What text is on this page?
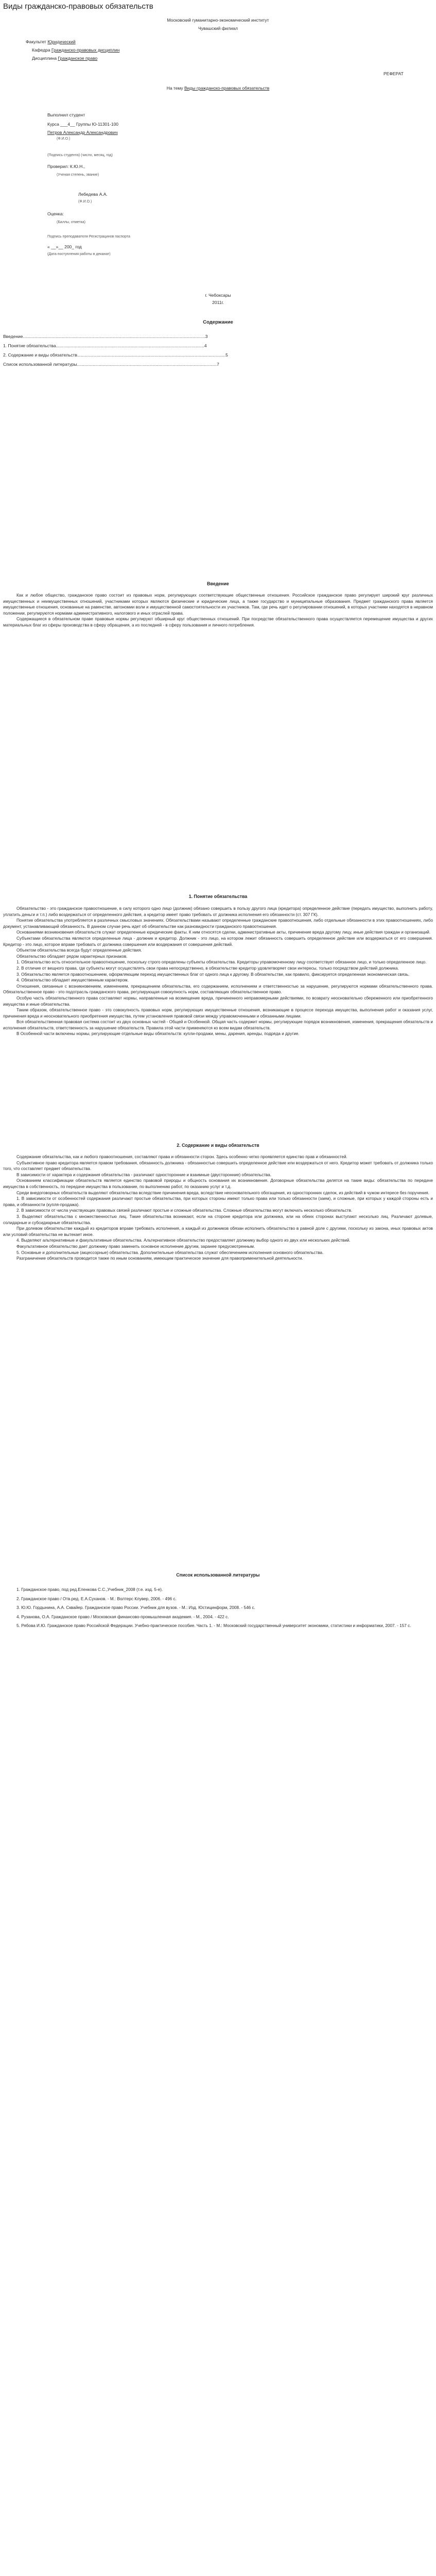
Виды гражданско-правовых обязательств
Московский гуманитарно-экономический институт
Чувашский филиал
Факультет Юридический
Кафедра Гражданско-правовых дисциплин
Дисциплина Гражданское право
РЕФЕРАТ
На тему Виды гражданско-правовых обязательств
Выполнил студент
Курса ___4__ Группы Ю-11301-100
Петров Александр Александрович
(Ф.И.О.)
(Подпись студента) (число, месяц, год)
Проверил: К.Ю.Н.,
(Ученая степень, звание)
Лебедева А.А.
(Ф.И.О.)
Оценка:
(Баллы, отметка)
Подпись преподавателя Регистрацинов паспорта
« __»__ 200_ год
(Дата поступления работы в деканат)
г. Чебоксары
2011г.
Содержание
Введение......................................................................................................................................................3
1. Понятие обязательства..........................................................................................................................4
2. Содержание и виды обязательств..........................................................................................................................5
Список использованной литературы...................................................................................................................7
Введение

Как и любое общество, гражданское право состоит из правовых норм, регулирующих соответствующие общественные отношения. Российское гражданское право регулирует широкий круг различных имущественных и неимущественных отношений, участниками которых являются физические и юридические лица, а также государство и муниципальные образования. Предмет гражданского права является имущественные отношения, основанные на равенстве, автономии воли и имущественной самостоятельности их участников. Там, где речь идет о регулировании отношений, в которых участники находятся в неравном положении, регулируются нормами административного, налогового и иных отраслей права.

Содержащиеся в обязательном праве правовые нормы регулируют обширный круг общественных отношений. При посредстве обязательственного права осуществляется перемещение имущества и других материальных благ из сферы производства в сферу обращения, а из последней - в сферу пользования и личного потребления.

1. Понятие обязательства

Обязательство - это гражданское правоотношение, в силу которого одно лицо (должник) обязано совершить в пользу другого лица (кредитора) определенное действие (передать имущество, выполнить работу, уплатить деньги и т.п.) либо воздержаться от определенного действия, а кредитор имеет право требовать от должника исполнения его обязанности (ст. 307 ГК).

Понятие обязательства употребляется в различных смысловых значениях. Обязательствами называют определенные гражданские правоотношения, либо отдельные обязанности в этих правоотношениях, либо документ, устанавливающий обязанность. В данном случае речь идет об обязательстве как разновидности гражданского правоотношения.

Основаниями возникновения обязательств служат определенные юридические факты. К ним относятся сделки, административные акты, причинение вреда другому лицу, иные действия граждан и организаций.

Субъектами обязательства являются определенные лица - должник и кредитор. Должник - это лицо, на котором лежит обязанность совершить определенное действие или воздержаться от его совершения. Кредитор - это лицо, которое вправе требовать от должника совершения или воздержания от совершения действий.

Объектом обязательства всегда будут определенные действия.

Обязательство обладает рядом характерных признаков.

1. Обязательство есть относительное правоотношение, поскольку строго определены субъекты обязательства. Кредиторы управомоченному лицу соответствует обязанное лицо, и только определенное лицо.

2. В отличие от вещного права, где субъекты могут осуществлять свои права непосредственно, в обязательстве кредитор удовлетворяет свои интересы, только посредством действий должника.

3. Обязательство является правоотношением, оформляющим переход имущественных благ от одного лица к другому. В обязательстве, как правило, фиксируется определенная экономическая связь.

4. Обязательство обладает имущественным характером.

Отношения, связанные с возникновением, изменением, прекращением обязательства, его содержанием, исполнением и ответственностью за нарушение, регулируются нормами обязательственного права. Обязательственное право - это подотрасль гражданского права, регулирующая совокупность норм, составляющих обязательственное право.

Особую часть обязательственного права составляют нормы, направленные на возмещение вреда, причиненного неправомерными действиями, по возврату неосновательно сбереженного или приобретенного имущества и иные обязательства.

Таким образом, обязательственное право - это совокупность правовых норм, регулирующих имущественные отношения, возникающие в процессе перехода имущества, выполнения работ и оказания услуг, причинения вреда и неосновательного приобретения имущества, путем установления правовой связи между управомоченными и обязанными лицами.

Вся обязательственная правовая система состоит из двух основных частей - Общей и Особенной. Общая часть содержит нормы, регулирующие порядок возникновения, изменения, прекращения обязательств и исполнения обязательств, ответственность за нарушение обязательств. Правила этой части применяются ко всем видам обязательств.

В Особенной части включены нормы, регулирующие отдельные виды обязательств: купли-продажи, мены, дарения, аренды, подряда и другие.

2. Содержание и виды обязательств

Содержание обязательства, как и любого правоотношения, составляют права и обязанности сторон. Здесь особенно четко проявляется единство прав и обязанностей.

Субъективное право кредитора является правом требования, обязанность должника - обязанностью совершить определенное действие или воздержаться от него. Кредитор может требовать от должника только того, что составляет предмет обязательства.

В зависимости от характера и содержания обязательства - различают односторонние и взаимные (двусторонние) обязательства.

Основанием классификации обязательств является единство правовой природы и общность основания их возникновения. Договорные обязательства делятся на такие виды: обязательства по передаче имущества в собственность, по передаче имущества в пользование, по выполнению работ, по оказанию услуг и т.д.

Среди внедоговорных обязательств выделяют обязательства вследствие причинения вреда, вследствие неосновательного обогащения, из односторонних сделок, из действий в чужом интересе без поручения.

1. В зависимости от особенностей содержания различают простые обязательства, при которых стороны имеют только права или только обязанности (заем), и сложные, при которых у каждой стороны есть и права, и обязанности (купля-продажа).

2. В зависимости от числа участвующих правовых связей различают простые и сложные обязательства. Сложные обязательства могут включать несколько обязательств.

3. Выделяют обязательства с множественностью лиц. Такие обязательства возникают, если на стороне кредитора или должника, или на обеих сторонах выступают несколько лиц. Различают долевые, солидарные и субсидиарные обязательства.

При долевом обязательстве каждый из кредиторов вправе требовать исполнения, а каждый из должников обязан исполнить обязательство в равной доле с другими, поскольку из закона, иных правовых актов или условий обязательства не вытекает иное.

4. Выделяют альтернативные и факультативные обязательства. Альтернативное обязательство предоставляет должнику выбор одного из двух или нескольких действий.

Факультативное обязательство дает должнику право заменить основное исполнение другим, заранее предусмотренным.

5. Основные и дополнительные (акцессорные) обязательства. Дополнительные обязательства служат обеспечением исполнения основного обязательства.

Разграничение обязательств проводится также по иным основаниям, имеющим практическое значение для правоприменительной деятельности.

Список использованной литературы

1. Гражданское право, под ред.Еленкова С.С.,Учебник_2008 (т.е. изд. 5-е).

2. Гражданское право / Отв.ред. Е.А.Суханов. - М.: Волтерс Клувер, 2006. - 496 с.

3. Ю.Ю. Гордынина, А.А. Сквайер. Гражданское право России. Учебник для вузов. - М.: Изд. Юстицинформ, 2008. - 546 с.

4. Рузанова, О.А. Гражданское право / Московская финансово-промышленная академия. - М., 2004. - 422 с.

5. Рябова И.Ю. Гражданское право Российской Федерации. Учебно-практическое пособие. Часть 1. - М.: Московский государственный университет экономики, статистики и информатики, 2007. - 157 с.
